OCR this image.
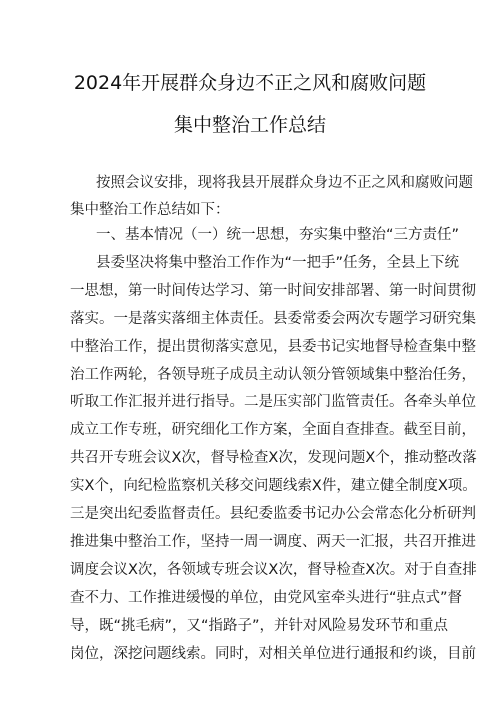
2024年开展群众身边不正之风和腐败问题
集中整治工作总结
按照会议安排，现将我县开展群众身边不正之风和腐败问题
集中整治工作总结如下：
一、基本情况（一）统一思想，夯实集中整治“三方责任”
县委坚决将集中整治工作作为“一把手”任务，全县上下统
一思想，第一时间传达学习、第一时间安排部署、第一时间贯彻
落实。一是落实落细主体责任。县委常委会两次专题学习研究集
中整治工作，提出贯彻落实意见，县委书记实地督导检查集中整
治工作两轮，各领导班子成员主动认领分管领域集中整治任务，
听取工作汇报并进行指导。二是压实部门监管责任。各牵头单位
成立工作专班，研究细化工作方案，全面自查排查。截至目前，
共召开专班会议X次，督导检查X次，发现问题X个，推动整改落
实X个，向纪检监察机关移交问题线索X件，建立健全制度X项。
三是突出纪委监督责任。县纪委监委书记办公会常态化分析研判
推进集中整治工作，坚持一周一调度、两天一汇报，共召开推进
调度会议X次，各领域专班会议X次，督导检查X次。对于自查排
查不力、工作推进缓慢的单位，由党风室牵头进行“驻点式”督
导，既“挑毛病”，又“指路子”，并针对风险易发环节和重点
岗位，深挖问题线索。同时，对相关单位进行通报和约谈，目前
